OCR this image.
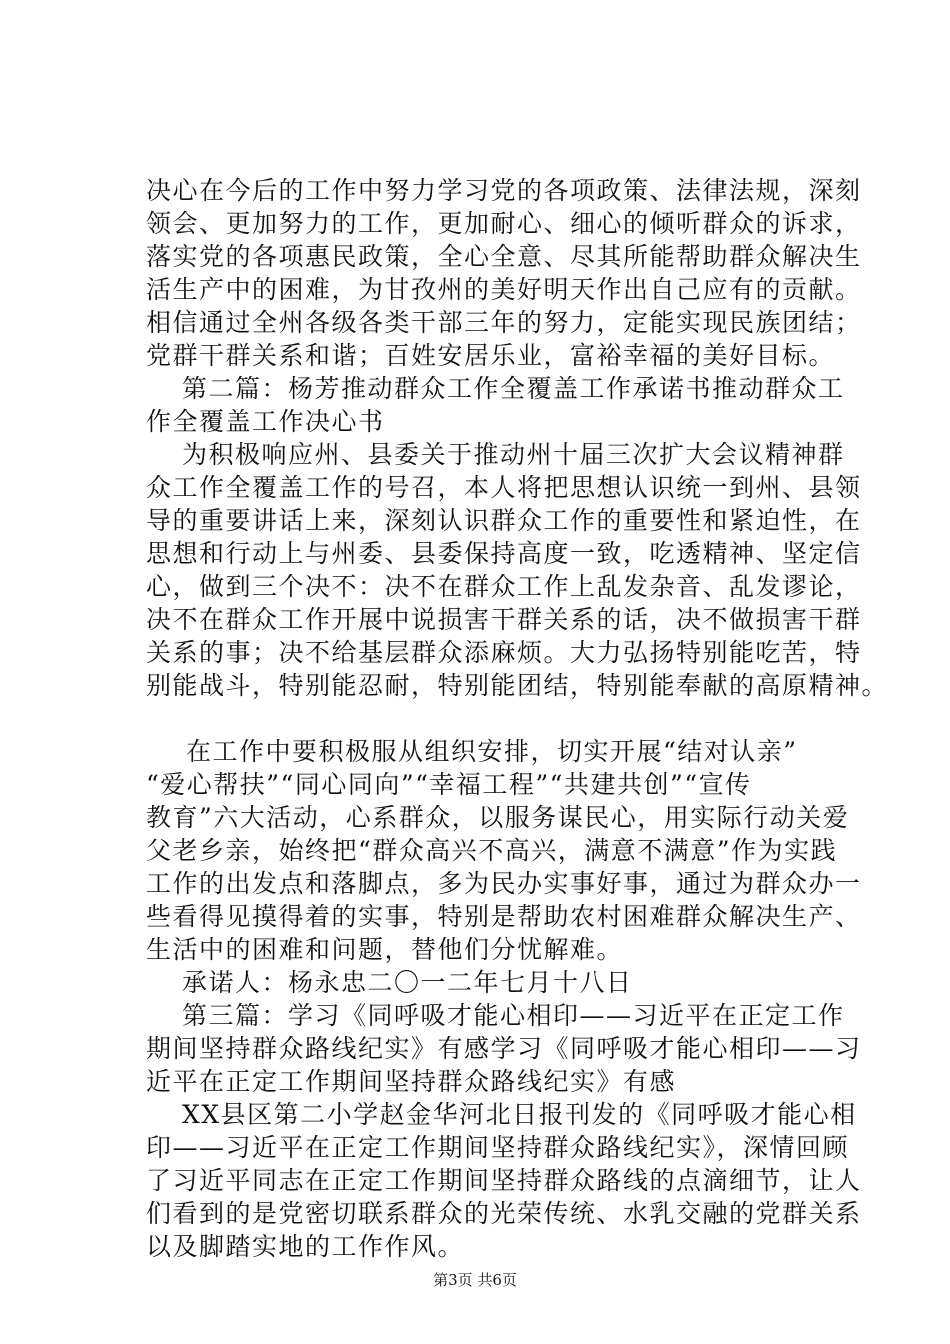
决心在今后的工作中努力学习党的各项政策、法律法规，深刻
领会、更加努力的工作，更加耐心、细心的倾听群众的诉求，
落实党的各项惠民政策，全心全意、尽其所能帮助群众解决生
活生产中的困难，为甘孜州的美好明天作出自己应有的贡献。
相信通过全州各级各类干部三年的努力，定能实现民族团结；
党群干群关系和谐；百姓安居乐业，富裕幸福的美好目标。
第二篇：杨芳推动群众工作全覆盖工作承诺书推动群众工
作全覆盖工作决心书
为积极响应州、县委关于推动州十届三次扩大会议精神群
众工作全覆盖工作的号召，本人将把思想认识统一到州、县领
导的重要讲话上来，深刻认识群众工作的重要性和紧迫性，在
思想和行动上与州委、县委保持高度一致，吃透精神、坚定信
心，做到三个决不：决不在群众工作上乱发杂音、乱发谬论，
决不在群众工作开展中说损害干群关系的话，决不做损害干群
关系的事；决不给基层群众添麻烦。大力弘扬特别能吃苦，特
别能战斗，特别能忍耐，特别能团结，特别能奉献的高原精神。
在工作中要积极服从组织安排，切实开展“结对认亲”
“爱心帮扶”“同心同向”“幸福工程”“共建共创”“宣传
教育”六大活动，心系群众，以服务谋民心，用实际行动关爱
父老乡亲，始终把“群众高兴不高兴，满意不满意”作为实践
工作的出发点和落脚点，多为民办实事好事，通过为群众办一
些看得见摸得着的实事，特别是帮助农村困难群众解决生产、
生活中的困难和问题，替他们分忧解难。
承诺人：杨永忠二〇一二年七月十八日
第三篇：学习《同呼吸才能心相印——习近平在正定工作
期间坚持群众路线纪实》有感学习《同呼吸才能心相印——习
近平在正定工作期间坚持群众路线纪实》有感
XX县区第二小学赵金华河北日报刊发的《同呼吸才能心相
印——习近平在正定工作期间坚持群众路线纪实》，深情回顾
了习近平同志在正定工作期间坚持群众路线的点滴细节，让人
们看到的是党密切联系群众的光荣传统、水乳交融的党群关系
以及脚踏实地的工作作风。
第3页 共6页
